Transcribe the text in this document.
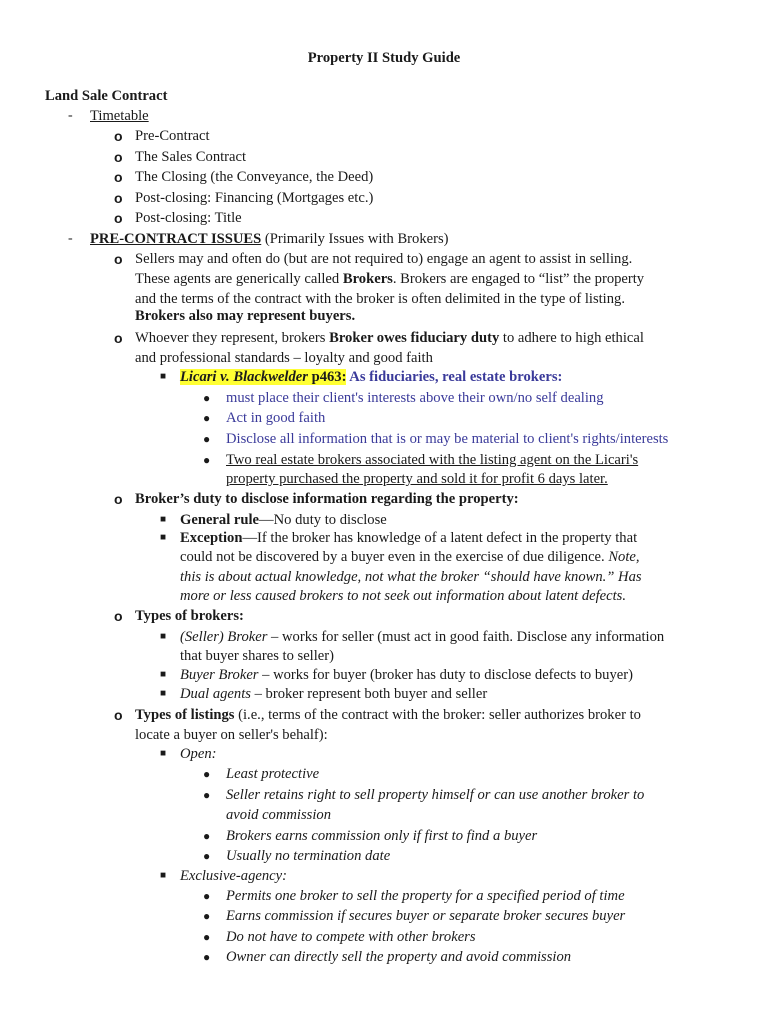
Property II Study Guide
Land Sale Contract
- Timetable
o Pre-Contract
o The Sales Contract
o The Closing (the Conveyance, the Deed)
o Post-closing: Financing (Mortgages etc.)
o Post-closing: Title
- PRE-CONTRACT ISSUES (Primarily Issues with Brokers)
o Sellers may and often do (but are not required to) engage an agent to assist in selling.
These agents are generically called Brokers. Brokers are engaged to “list” the property
and the terms of the contract with the broker is often delimited in the type of listing.
Brokers also may represent buyers.
o Whoever they represent, brokers Broker owes fiduciary duty to adhere to high ethical
and professional standards – loyalty and good faith
■ Licari v. Blackwelder p463: As fiduciaries, real estate brokers:
● must place their client's interests above their own/no self dealing
● Act in good faith
● Disclose all information that is or may be material to client's rights/interests
● Two real estate brokers associated with the listing agent on the Licari's
property purchased the property and sold it for profit 6 days later.
o Broker’s duty to disclose information regarding the property:
■ General rule—No duty to disclose
■ Exception—If the broker has knowledge of a latent defect in the property that
could not be discovered by a buyer even in the exercise of due diligence. Note,
this is about actual knowledge, not what the broker “should have known.” Has
more or less caused brokers to not seek out information about latent defects.
o Types of brokers:
■ (Seller) Broker – works for seller (must act in good faith. Disclose any information
that buyer shares to seller)
■ Buyer Broker – works for buyer (broker has duty to disclose defects to buyer)
■ Dual agents – broker represent both buyer and seller
o Types of listings (i.e., terms of the contract with the broker: seller authorizes broker to
locate a buyer on seller's behalf):
■ Open:
● Least protective
● Seller retains right to sell property himself or can use another broker to
avoid commission
● Brokers earns commission only if first to find a buyer
● Usually no termination date
■ Exclusive-agency:
● Permits one broker to sell the property for a specified period of time
● Earns commission if secures buyer or separate broker secures buyer
● Do not have to compete with other brokers
● Owner can directly sell the property and avoid commission
